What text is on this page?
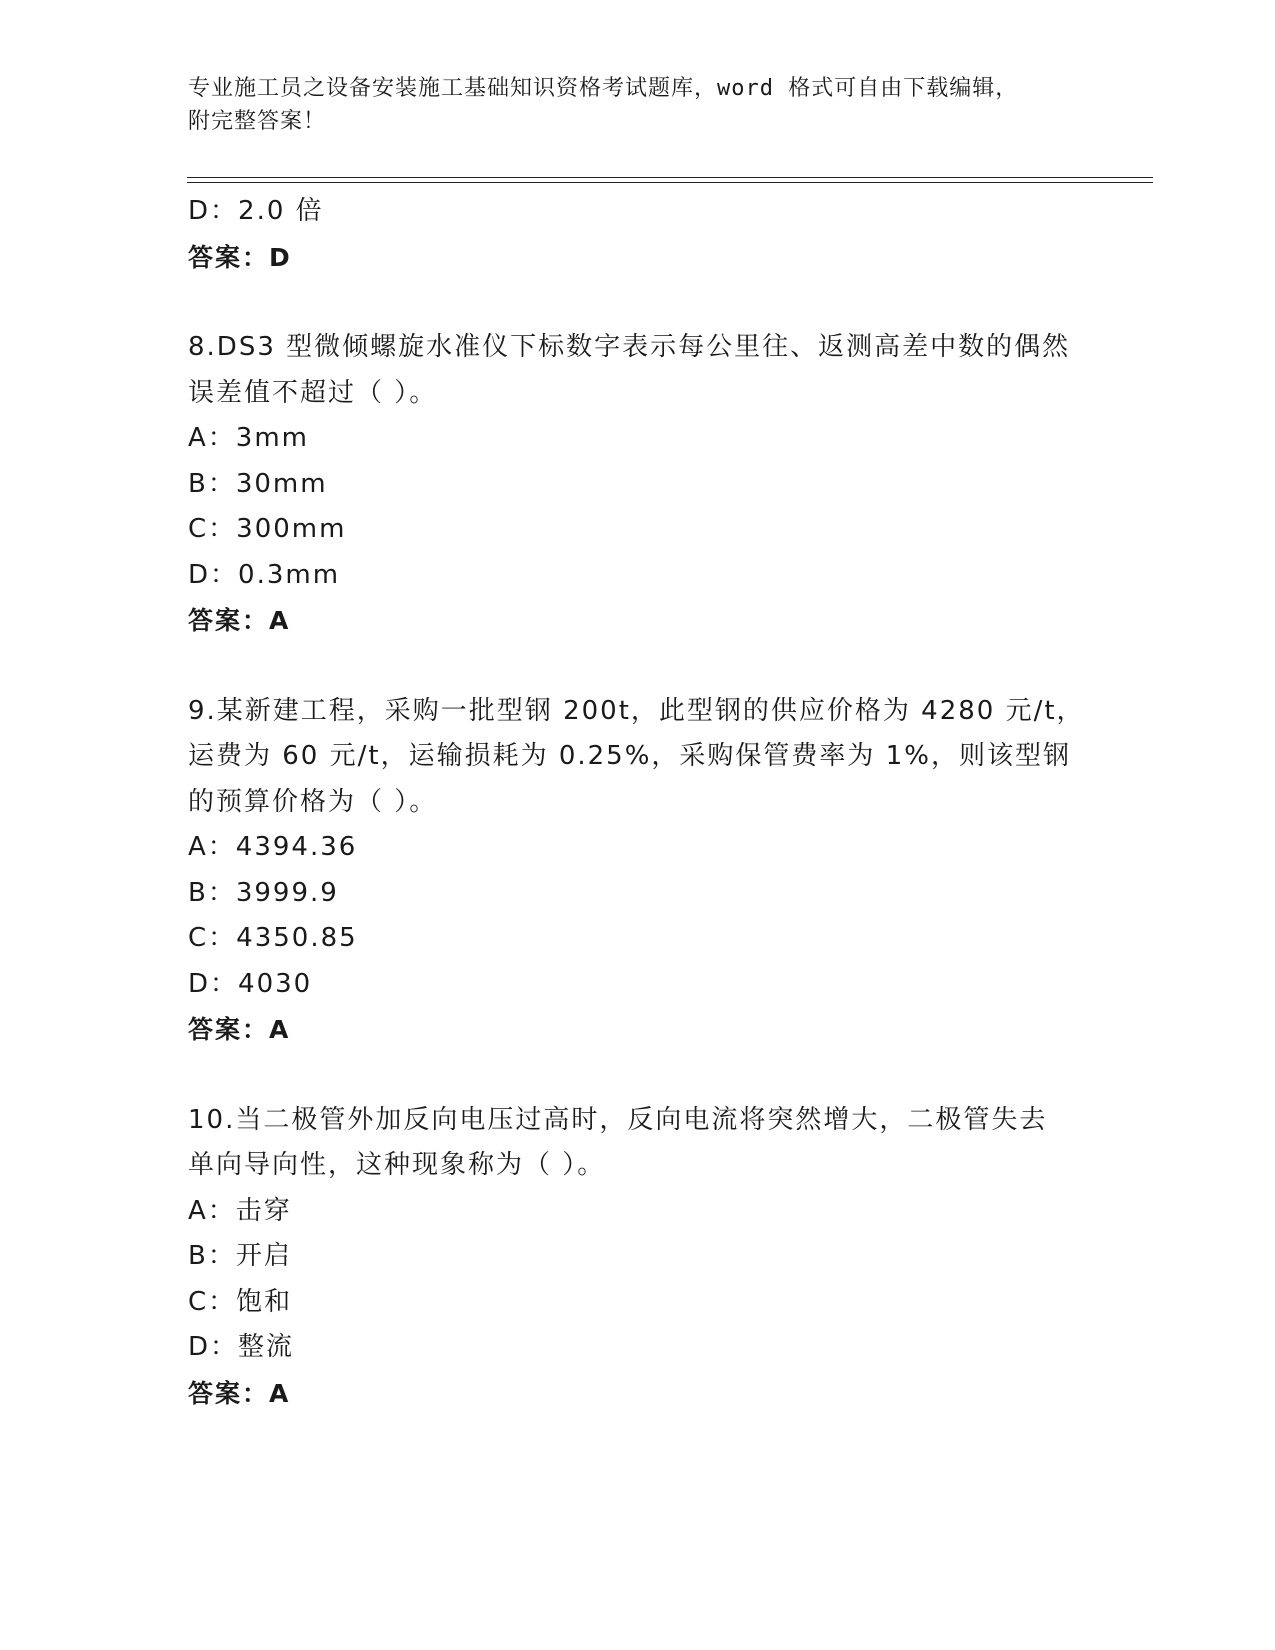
专业施工员之设备安装施工基础知识资格考试题库，word 格式可自由下载编辑，
附完整答案！
D：2.0 倍
答案：D
8.DS3 型微倾螺旋水准仪下标数字表示每公里往、返测高差中数的偶然
误差值不超过（ ）。
A：3mm
B：30mm
C：300mm
D：0.3mm
答案：A
9.某新建工程，采购一批型钢 200t，此型钢的供应价格为 4280 元/t，
运费为 60 元/t，运输损耗为 0.25%，采购保管费率为 1%，则该型钢
的预算价格为（ ）。
A：4394.36
B：3999.9
C：4350.85
D：4030
答案：A
10.当二极管外加反向电压过高时，反向电流将突然增大，二极管失去
单向导向性，这种现象称为（ ）。
A：击穿
B：开启
C：饱和
D：整流
答案：A
